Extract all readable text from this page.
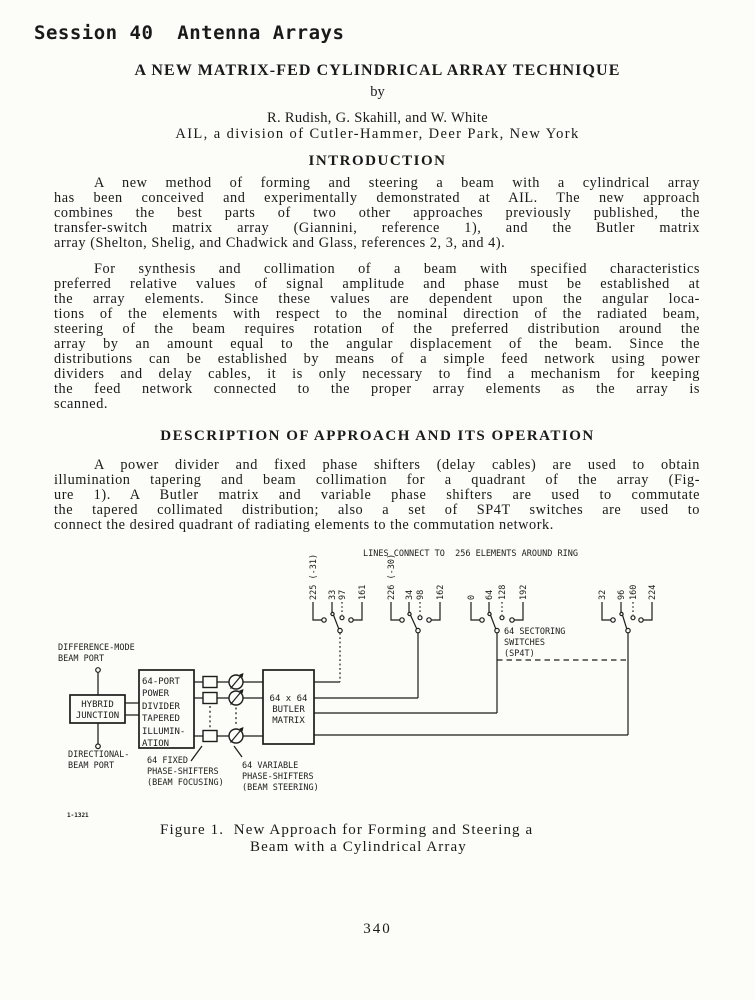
Session 40  Antenna Arrays
A NEW MATRIX-FED CYLINDRICAL ARRAY TECHNIQUE
by
R. Rudish, G. Skahill, and W. White
AIL, a division of Cutler-Hammer, Deer Park, New York
INTRODUCTION
A new method of forming and steering a beam with a cylindrical array
has been conceived and experimentally demonstrated at AIL. The new approach
combines the best parts of two other approaches previously published, the
transfer-switch matrix array (Giannini, reference 1), and the Butler matrix
array (Shelton, Shelig, and Chadwick and Glass, references 2, 3, and 4).
For synthesis and collimation of a beam with specified characteristics
preferred relative values of signal amplitude and phase must be established at
the array elements. Since these values are dependent upon the angular loca-
tions of the elements with respect to the nominal direction of the radiated beam,
steering of the beam requires rotation of the preferred distribution around the
array by an amount equal to the angular displacement of the beam. Since the
distributions can be established by means of a simple feed network using power
dividers and delay cables, it is only necessary to find a mechanism for keeping
the feed network connected to the proper array elements as the array is
scanned.
DESCRIPTION OF APPROACH AND ITS OPERATION
A power divider and fixed phase shifters (delay cables) are used to obtain
illumination tapering and beam collimation for a quadrant of the array (Fig-
ure 1). A Butler matrix and variable phase shifters are used to commutate
the tapered collimated distribution; also a set of SP4T switches are used to
connect the desired quadrant of radiating elements to the commutation network.
LINES CONNECT TO  256 ELEMENTS AROUND RING
225 (-31) 33 97 161 226 (-30) 34 98 162 0 64 128 192	32 96 160 224
64 SECTORING
SWITCHES
(SP4T)
DIFFERENCE-MODE
BEAM PORT
DIRECTIONAL-
BEAM PORT
HYBRID
JUNCTION
64-PORT
POWER
DIVIDER
TAPERED
ILLUMIN-
ATION
64 x 64
BUTLER
MATRIX
64 FIXED
PHASE-SHIFTERS
(BEAM FOCUSING)
64 VARIABLE
PHASE-SHIFTERS
(BEAM STEERING)
1-1321
Figure 1.  New Approach for Forming and Steering a
Beam with a Cylindrical Array
340
